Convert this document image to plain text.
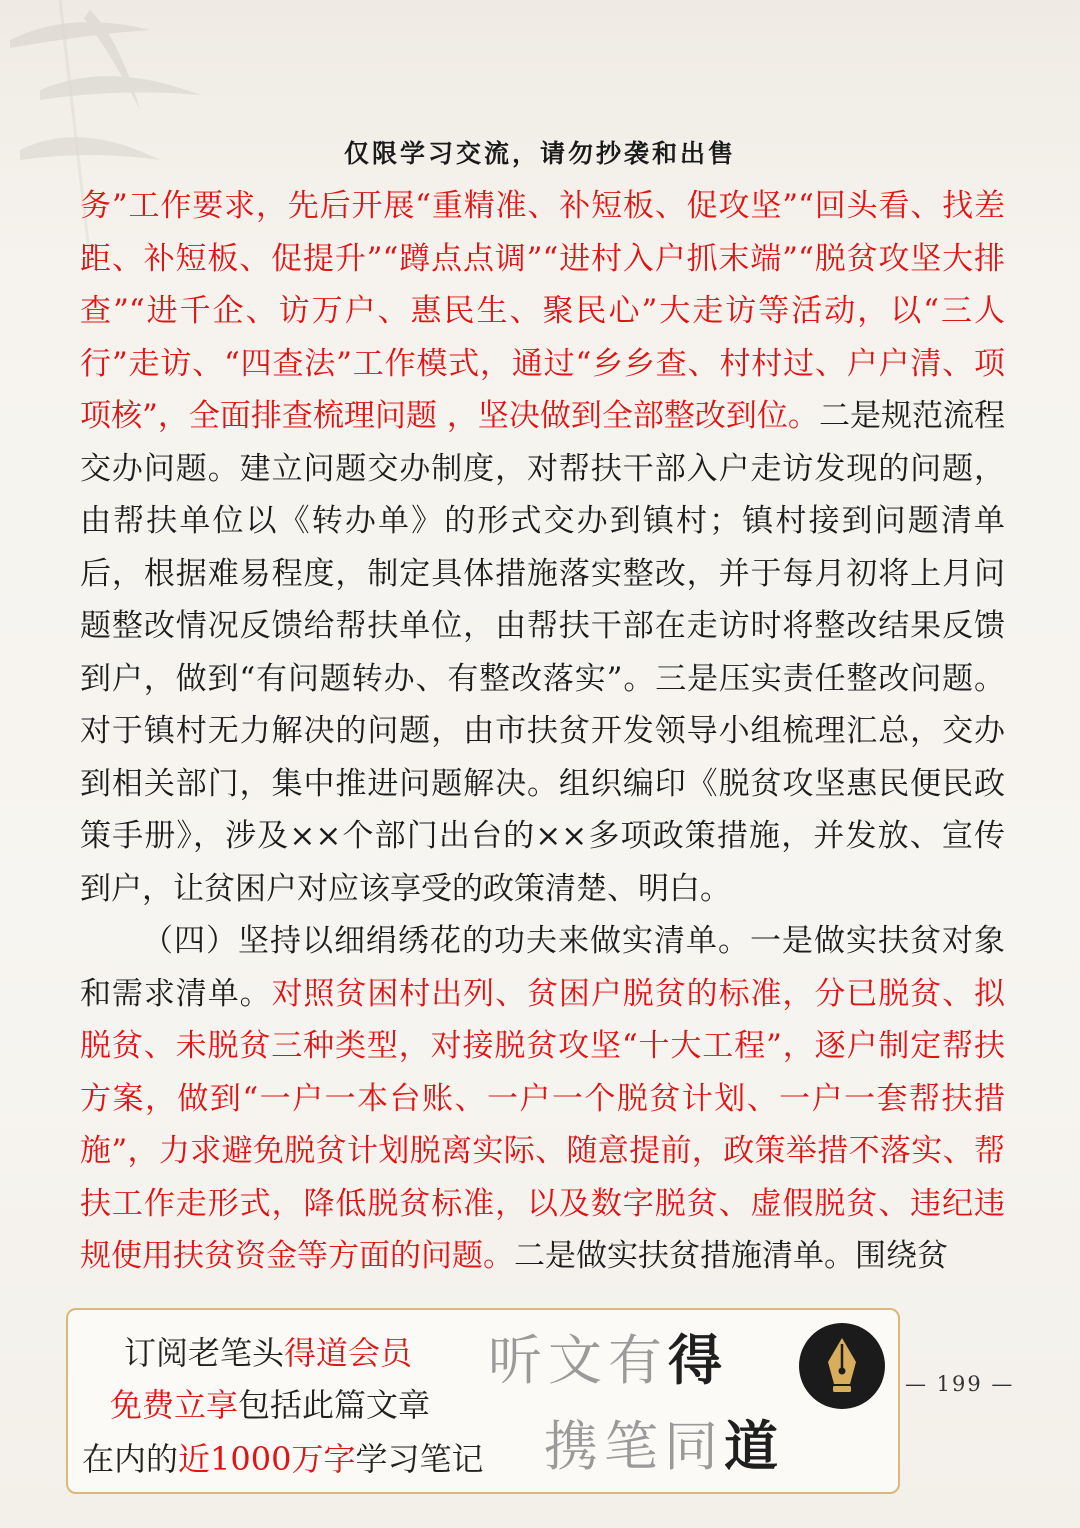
仅限学习交流，请勿抄袭和出售

务”工作要求，先后开展“重精准、补短板、促攻坚”“回头看、找差距、补短板、促提升”“蹲点点调”“进村入户抓末端”“脱贫攻坚大排查”“进千企、访万户、惠民生、聚民心”大走访等活动，以“三人行”走访、“四查法”工作模式，通过“乡乡查、村村过、户户清、项项核”，全面排查梳理问题 ，坚决做到全部整改到位。二是规范流程交办问题。建立问题交办制度，对帮扶干部入户走访发现的问题，由帮扶单位以《转办单》的形式交办到镇村；镇村接到问题清单后，根据难易程度，制定具体措施落实整改，并于每月初将上月问题整改情况反馈给帮扶单位，由帮扶干部在走访时将整改结果反馈到户，做到“有问题转办、有整改落实”。三是压实责任整改问题。对于镇村无力解决的问题，由市扶贫开发领导小组梳理汇总，交办到相关部门，集中推进问题解决。组织编印《脱贫攻坚惠民便民政策手册》，涉及××个部门出台的××多项政策措施，并发放、宣传到户，让贫困户对应该享受的政策清楚、明白。

（四）坚持以细绢绣花的功夫来做实清单。一是做实扶贫对象和需求清单。对照贫困村出列、贫困户脱贫的标准，分已脱贫、拟脱贫、未脱贫三种类型，对接脱贫攻坚“十大工程”，逐户制定帮扶方案，做到“一户一本台账、一户一个脱贫计划、一户一套帮扶措施”，力求避免脱贫计划脱离实际、随意提前，政策举措不落实、帮扶工作走形式，降低脱贫标准，以及数字脱贫、虚假脱贫、违纪违规使用扶贫资金等方面的问题。二是做实扶贫措施清单。围绕贫

订阅老笔头得道会员
免费立享包括此篇文章
在内的近1000万字学习笔记
听文有得
携笔同道
— 199 —
